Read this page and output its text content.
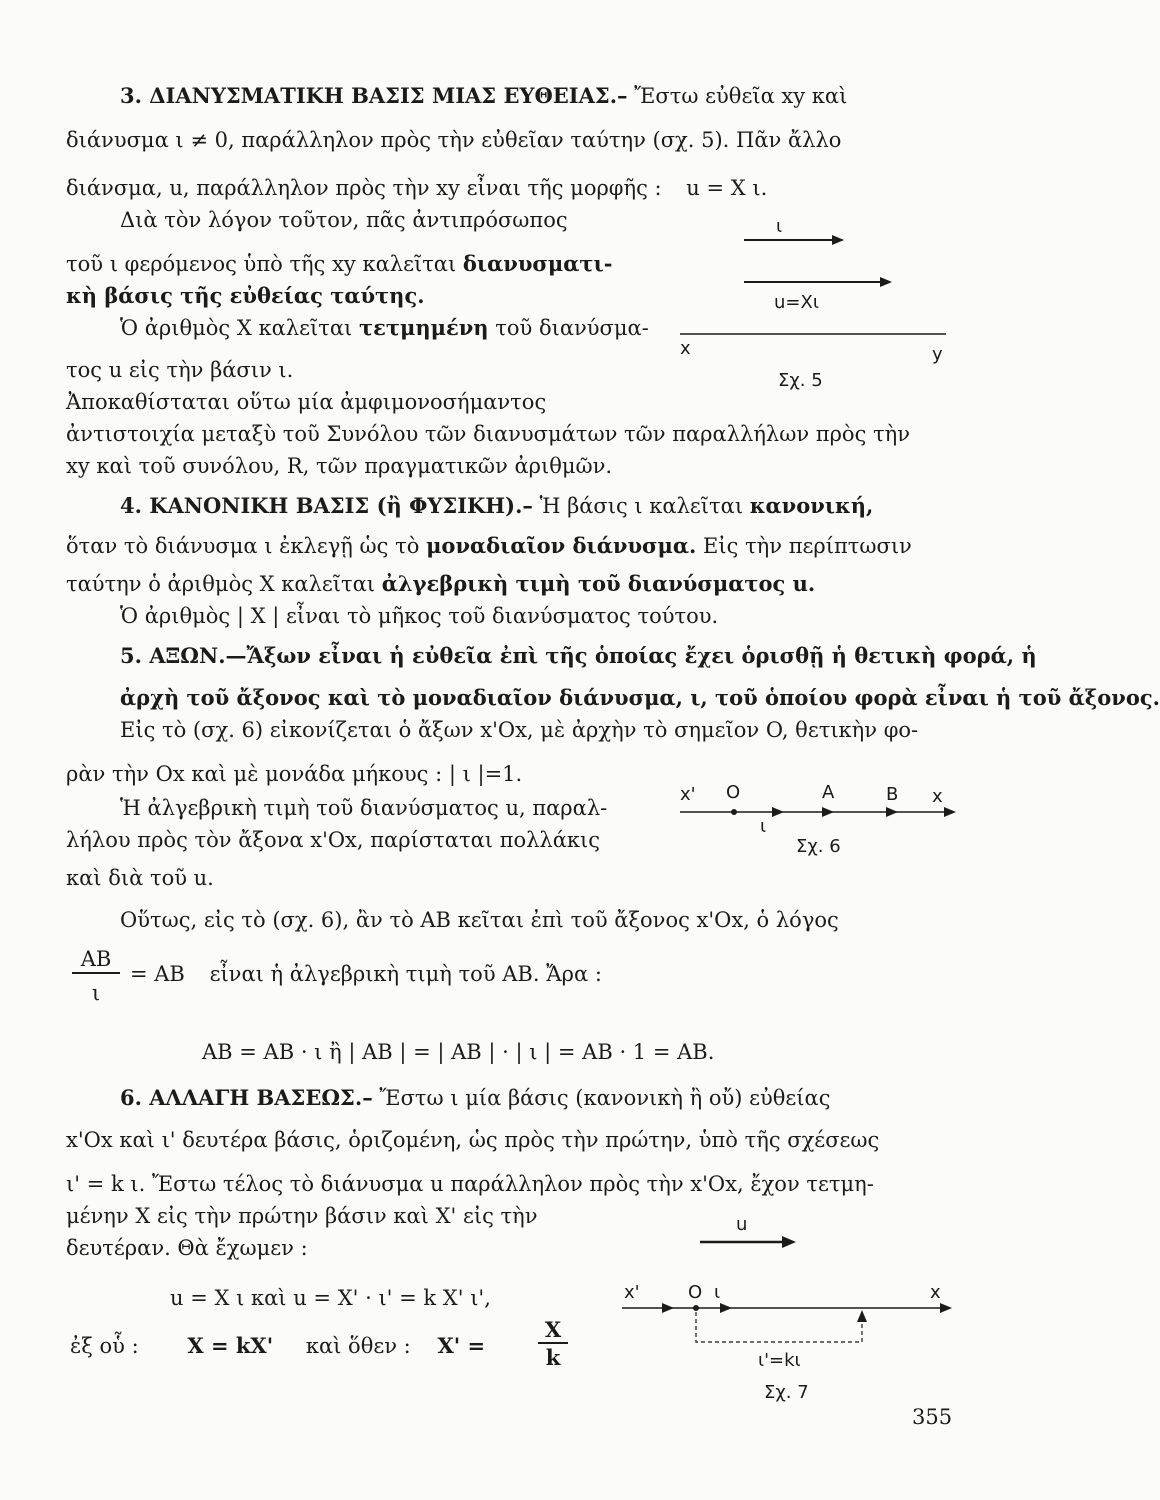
3. ΔΙΑΝΥΣΜΑΤΙΚΗ ΒΑΣΙΣ ΜΙΑΣ ΕΥΘΕΙΑΣ.– Ἔστω εὐθεῖα xy καὶ
διάνυσμα ι ≠ 0, παράλληλον πρὸς τὴν εὐθεῖαν ταύτην (σχ. 5). Πᾶν ἄλλο
διάνσμα, u, παράλληλον πρὸς τὴν xy εἶναι τῆς μορφῆς : u = X ι.
Διὰ τὸν λόγον τοῦτον, πᾶς ἀντιπρόσωπος
τοῦ ι φερόμενος ὑπὸ τῆς xy καλεῖται διανυσματι-
κὴ βάσις τῆς εὐθείας ταύτης.
Ὁ ἀριθμὸς X καλεῖται τετμημένη τοῦ διανύσμα-
τος u εἰς τὴν βάσιν ι.
Ἀποκαθίσταται οὕτω μία ἀμφιμονοσήμαντος
ἀντιστοιχία μεταξὺ τοῦ Συνόλου τῶν διανυσμάτων τῶν παραλλήλων πρὸς τὴν
xy καὶ τοῦ συνόλου, R, τῶν πραγματικῶν ἀριθμῶν.
ι
u=Xι
x	y
Σχ. 5
4. ΚΑΝΟΝΙΚΗ ΒΑΣΙΣ (ἢ ΦΥΣΙΚΗ).– Ἡ βάσις ι καλεῖται κανονική,
ὅταν τὸ διάνυσμα ι ἐκλεγῇ ὡς τὸ μοναδιαῖον διάνυσμα. Εἰς τὴν περίπτωσιν
ταύτην ὁ ἀριθμὸς X καλεῖται ἀλγεβρικὴ τιμὴ τοῦ διανύσματος u.
Ὁ ἀριθμὸς | X | εἶναι τὸ μῆκος τοῦ διανύσματος τούτου.
5. ΑΞΩΝ.—Ἄξων εἶναι ἡ εὐθεῖα ἐπὶ τῆς ὁποίας ἔχει ὁρισθῇ ἡ θετικὴ φορά, ἡ
ἀρχὴ τοῦ ἄξονος καὶ τὸ μοναδιαῖον διάνυσμα, ι, τοῦ ὁποίου φορὰ εἶναι ἡ τοῦ ἄξονος.
Εἰς τὸ (σχ. 6) εἰκονίζεται ὁ ἄξων x'Ox, μὲ ἀρχὴν τὸ σημεῖον O, θετικὴν φο-
ρὰν τὴν Ox καὶ μὲ μονάδα μήκους : | ι |=1.
Ἡ ἀλγεβρικὴ τιμὴ τοῦ διανύσματος u, παραλ-
λήλου πρὸς τὸν ἄξονα x'Ox, παρίσταται πολλάκις
καὶ διὰ τοῦ u.
x' O	A	B x
ι
Σχ. 6
Οὕτως, εἰς τὸ (σχ. 6), ἂν τὸ AB κεῖται ἐπὶ τοῦ ἄξονος x'Ox, ὁ λόγος
$\frac{AB}{\iota}$ = AB εἶναι ἡ ἀλγεβρικὴ τιμὴ τοῦ AB. Ἄρα :
AB = AB · ι ἢ | AB | = | AB | · | ι | = AB · 1 = AB.
6. ΑΛΛΑΓΗ ΒΑΣΕΩΣ.– Ἔστω ι μία βάσις (κανονικὴ ἢ οὔ) εὐθείας
x'Ox καὶ ι' δευτέρα βάσις, ὁριζομένη, ὡς πρὸς τὴν πρώτην, ὑπὸ τῆς σχέσεως
ι' = k ι. Ἔστω τέλος τὸ διάνυσμα u παράλληλον πρὸς τὴν x'Ox, ἔχον τετμη-
μένην X εἰς τὴν πρώτην βάσιν καὶ X' εἰς τὴν
δευτέραν. Θὰ ἔχωμεν :
u = X ι καὶ u = X' · ι' = k X' ι',
ἐξ οὗ : X = kX' καὶ ὅθεν : X' =	$\frac{X}{k}$
u
x'	O ι	x
ι'=kι
Σχ. 7
355
